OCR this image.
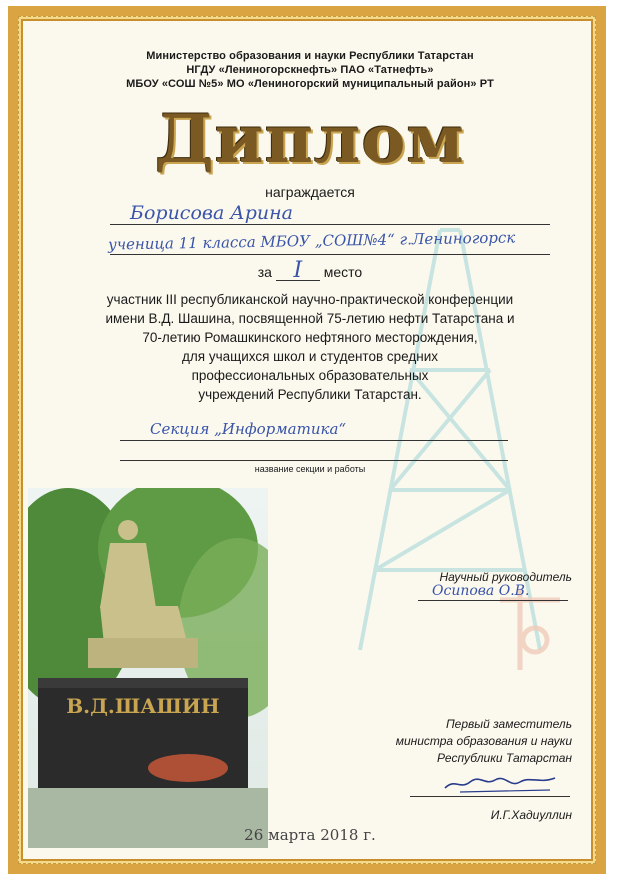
Министерство образования и науки Республики Татарстан
НГДУ «Лениногорскнефть» ПАО «Татнефть»
МБОУ «СОШ №5» МО «Лениногорский муниципальный район» РТ
Диплом
награждается
Борисова Арина
ученица 11 класса МБОУ „СОШ№4“ г.Лениногорск
за I место
участник III республиканской научно-практической конференции
имени В.Д. Шашина, посвященной 75-летию нефти Татарстана и
70-летию Ромашкинского нефтяного месторождения,
для учащихся школ и студентов средних
профессиональных образовательных
учреждений Республики Татарстан.
Секция „Информатика“
название секции и работы
В.Д.ШАШИН
Научный руководитель
Осипова О.В.
Первый заместитель
министра образования и науки
Республики Татарстан
И.Г.Хадиуллин
26 марта 2018 г.
